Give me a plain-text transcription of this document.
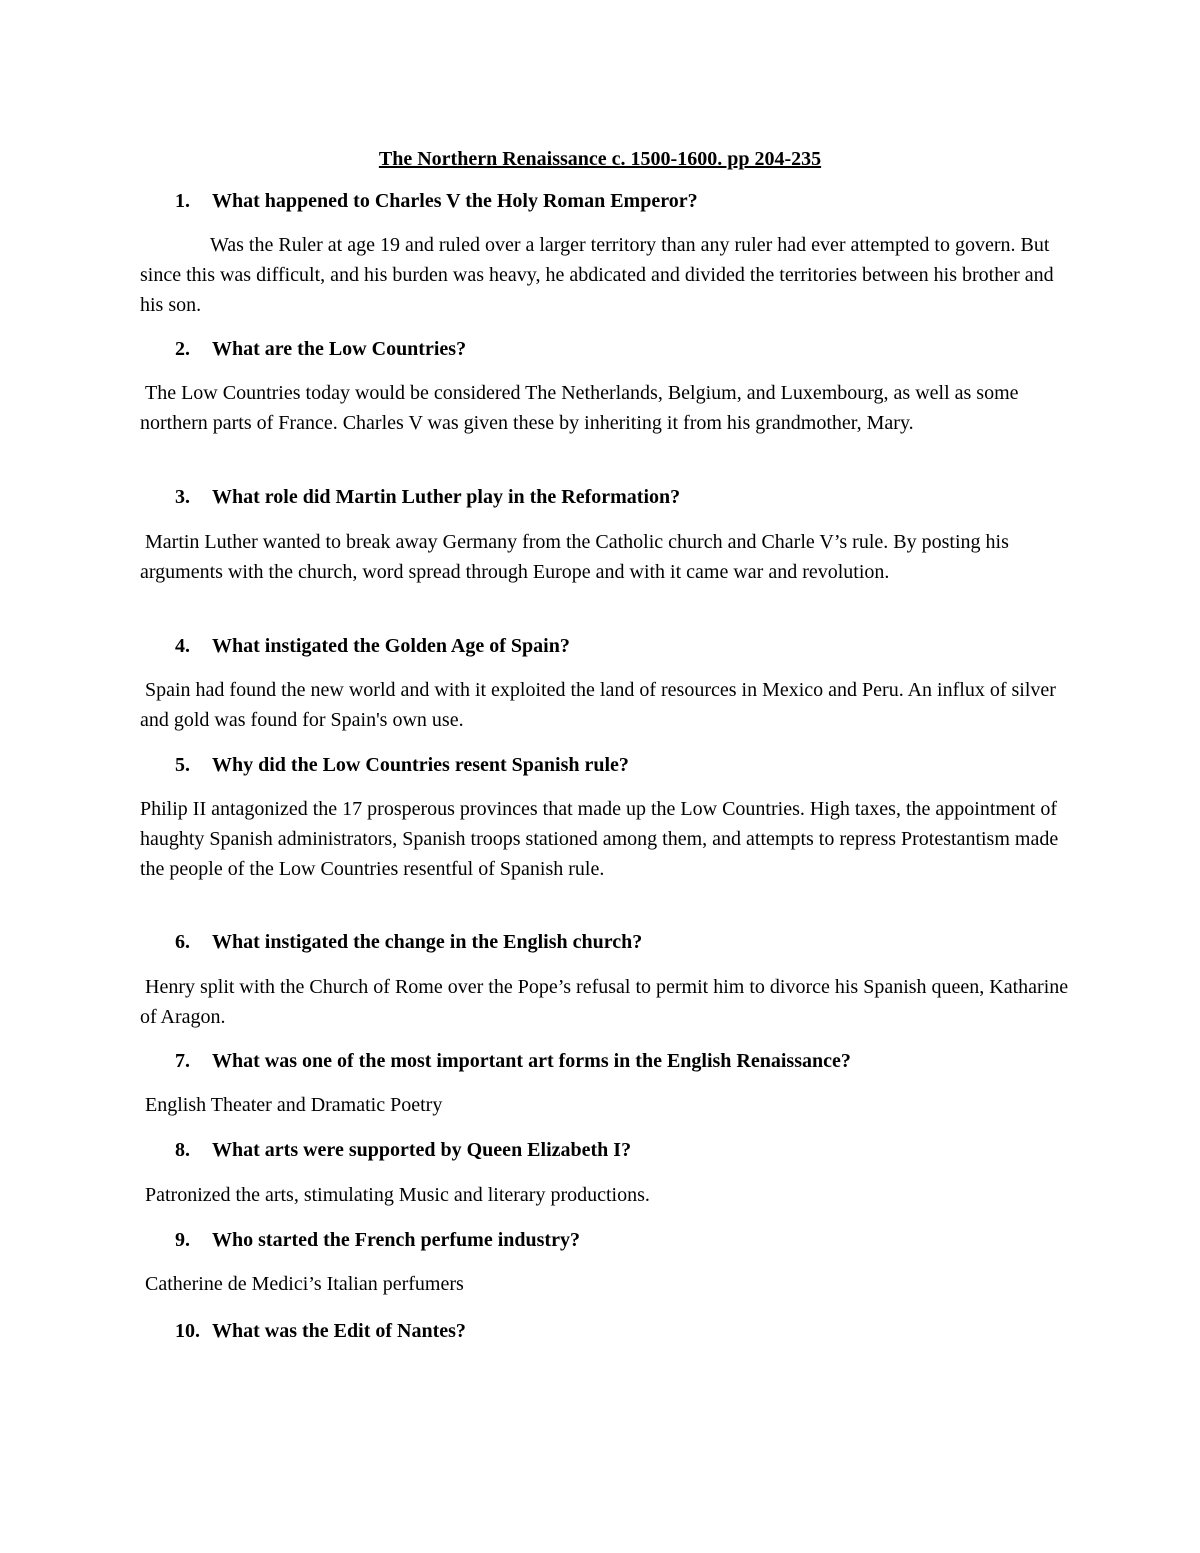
The Northern Renaissance c. 1500-1600. pp 204-235
1. What happened to Charles V the Holy Roman Emperor?

Was the Ruler at age 19 and ruled over a larger territory than any ruler had ever attempted to govern. But since this was difficult, and his burden was heavy, he abdicated and divided the territories between his brother and his son.

2. What are the Low Countries?

The Low Countries today would be considered The Netherlands, Belgium, and Luxembourg, as well as some northern parts of France. Charles V was given these by inheriting it from his grandmother, Mary.

3. What role did Martin Luther play in the Reformation?

Martin Luther wanted to break away Germany from the Catholic church and Charle V’s rule. By posting his arguments with the church, word spread through Europe and with it came war and revolution.

4. What instigated the Golden Age of Spain?

Spain had found the new world and with it exploited the land of resources in Mexico and Peru. An influx of silver and gold was found for Spain's own use.

5. Why did the Low Countries resent Spanish rule?

Philip II antagonized the 17 prosperous provinces that made up the Low Countries. High taxes, the appointment of haughty Spanish administrators, Spanish troops stationed among them, and attempts to repress Protestantism made the people of the Low Countries resentful of Spanish rule.

6. What instigated the change in the English church?

Henry split with the Church of Rome over the Pope’s refusal to permit him to divorce his Spanish queen, Katharine of Aragon.

7. What was one of the most important art forms in the English Renaissance?

English Theater and Dramatic Poetry

8. What arts were supported by Queen Elizabeth I?

Patronized the arts, stimulating Music and literary productions.

9. Who started the French perfume industry?

Catherine de Medici’s Italian perfumers

10. What was the Edit of Nantes?
